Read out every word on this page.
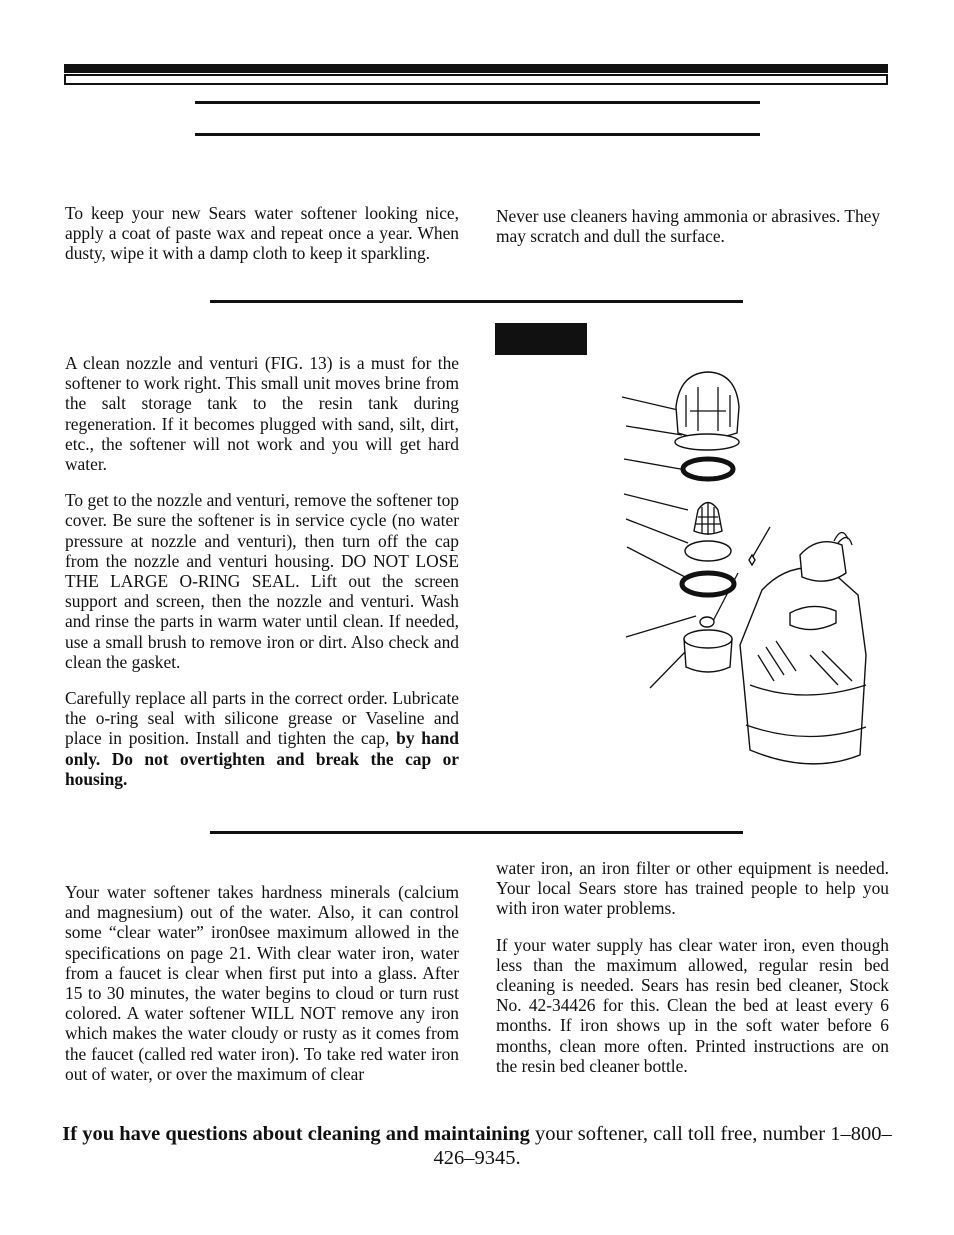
To keep your new Sears water softener looking nice, apply a coat of paste wax and repeat once a year. When dusty, wipe it with a damp cloth to keep it sparkling.

Never use cleaners having ammonia or abrasives. They may scratch and dull the surface.

A clean nozzle and venturi (FIG. 13) is a must for the softener to work right. This small unit moves brine from the salt storage tank to the resin tank during regeneration. If it becomes plugged with sand, silt, dirt, etc., the softener will not work and you will get hard water.

To get to the nozzle and venturi, remove the softener top cover. Be sure the softener is in service cycle (no water pressure at nozzle and venturi), then turn off the cap from the nozzle and venturi housing. DO NOT LOSE THE LARGE O-RING SEAL. Lift out the screen support and screen, then the nozzle and venturi. Wash and rinse the parts in warm water until clean. If needed, use a small brush to remove iron or dirt. Also check and clean the gasket.

Carefully replace all parts in the correct order. Lubricate the o-ring seal with silicone grease or Vaseline and place in position. Install and tighten the cap, by hand only. Do not overtighten and break the cap or housing.

Your water softener takes hardness minerals (calcium and magnesium) out of the water. Also, it can control some “clear water” iron0see maximum allowed in the specifications on page 21. With clear water iron, water from a faucet is clear when first put into a glass. After 15 to 30 minutes, the water begins to cloud or turn rust colored. A water softener WILL NOT remove any iron which makes the water cloudy or rusty as it comes from the faucet (called red water iron). To take red water iron out of water, or over the maximum of clear

water iron, an iron filter or other equipment is needed. Your local Sears store has trained people to help you with iron water problems.

If your water supply has clear water iron, even though less than the maximum allowed, regular resin bed cleaning is needed. Sears has resin bed cleaner, Stock No. 42-34426 for this. Clean the bed at least every 6 months. If iron shows up in the soft water before 6 months, clean more often. Printed instructions are on the resin bed cleaner bottle.

If you have questions about cleaning and maintaining your softener, call toll free, number 1–800–426–9345.
